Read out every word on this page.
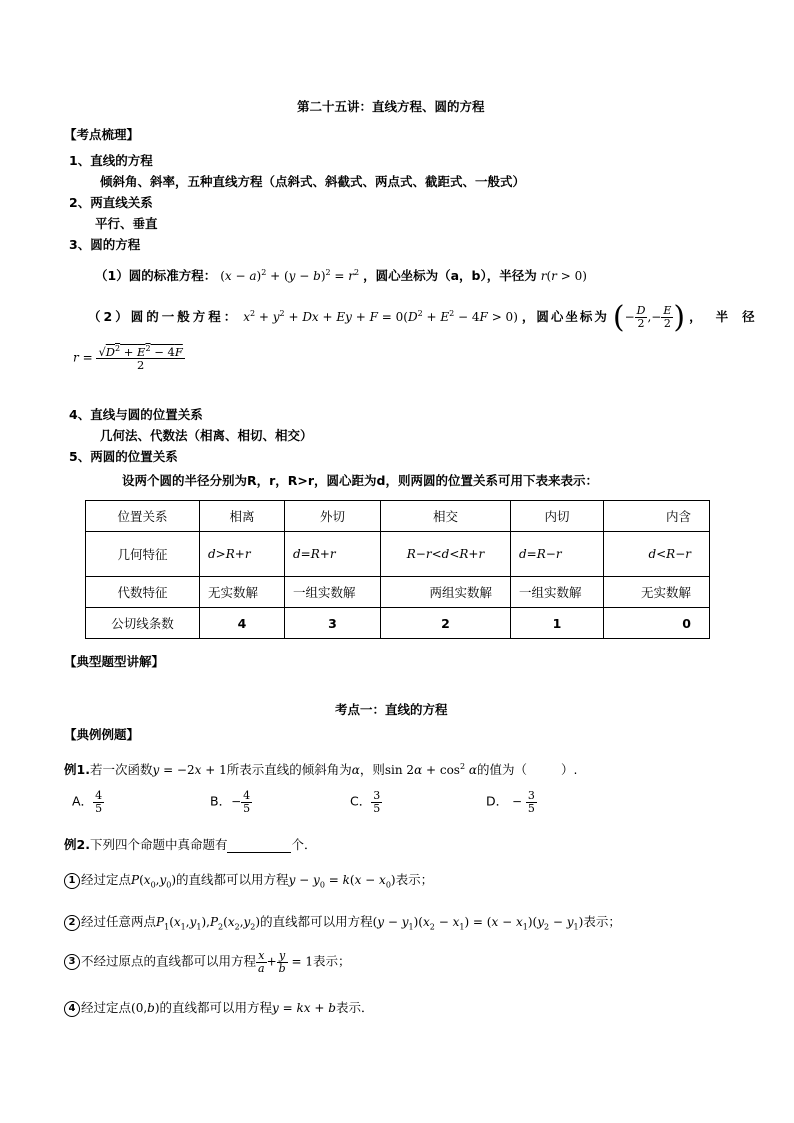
第二十五讲：直线方程、圆的方程
【考点梳理】
1、直线的方程
倾斜角、斜率，五种直线方程（点斜式、斜截式、两点式、截距式、一般式）
2、两直线关系
平行、垂直
3、圆的方程
（1）圆的标准方程： $(x - a)^2 + (y - b)^2 = r^2$ ，圆心坐标为（a，b），半径为 r(r > 0)
（2）圆的一般方程： $x^2 + y^2 + Dx + Ey + F = 0(D^2 + E^2 - 4F > 0)$ ，圆心坐标为 (− $\frac{D}{2}$ ,− $\frac{E}{2}$ ) ，半径
$r = \frac{√D^2 + E^2 - 4F}{2}$
4、直线与圆的位置关系
几何法、代数法（相离、相切、相交）
5、两圆的位置关系
设两个圆的半径分别为R，r，R>r，圆心距为d，则两圆的位置关系可用下表来表示：
位置关系	相离	外切	相交	内切	内含
几何特征	d>R+r	d=R+r	R−r<d<R+r	d=R−r	d<R−r
代数特征	无实数解	一组实数解	两组实数解	一组实数解	无实数解
公切线条数	4	3	2	1	0
【典型题型讲解】
考点一：直线的方程
【典例例题】
例1.若一次函数y = −2x + 1所表示直线的倾斜角为α，则$\sin 2\alpha + \cos^2 \alpha$的值为（	）.
A． $\frac{4}{5}$	B．− $\frac{4}{5}$	C． $\frac{3}{5}$	D． − $\frac{3}{5}$
例2.下列四个命题中真命题有	个．
1 经过定点$P(x_0,y_0)$的直线都可以用方程$y - y_0 = k(x - x_0)$表示；
2 经过任意两点$P_1(x_1,y_1),P_2(x_2,y_2)$的直线都可以用方程$(y - y_1)(x_2 - x_1) = (x - x_1)(y_2 - y_1)$表示；
3 不经过原点的直线都可以用方程 $\frac{x}{a} + \frac{y}{b} = 1$表示；
4 经过定点(0,b)的直线都可以用方程y = kx + b表示．
